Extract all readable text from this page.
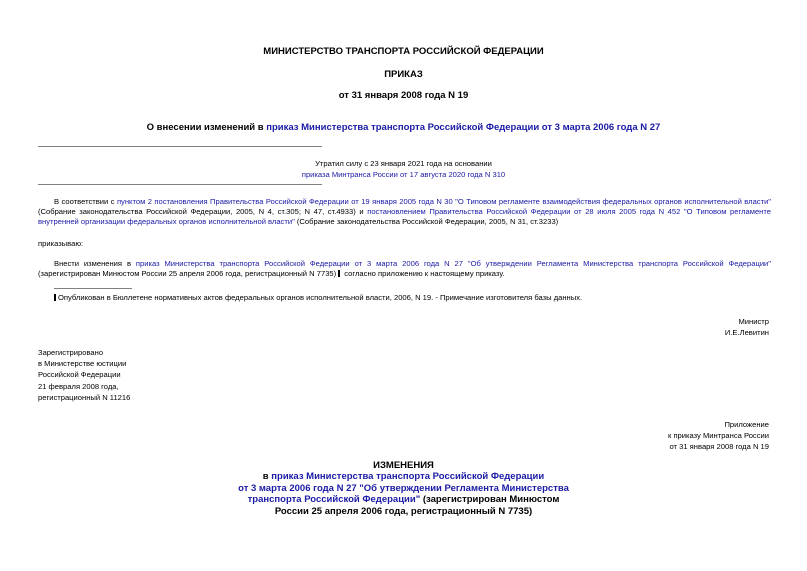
МИНИСТЕРСТВО ТРАНСПОРТА РОССИЙСКОЙ ФЕДЕРАЦИИ
ПРИКАЗ
от 31 января 2008 года N 19
О внесении изменений в приказ Министерства транспорта Российской Федерации от 3 марта 2006 года N 27
Утратил силу с 23 января 2021 года на основании
приказа Минтранса России от 17 августа 2020 года N 310
В соответствии с пунктом 2 постановления Правительства Российской Федерации от 19 января 2005 года N 30 "О Типовом регламенте взаимодействия федеральных органов исполнительной власти" (Собрание законодательства Российской Федерации, 2005, N 4, ст.305; N 47, ст.4933) и постановлением Правительства Российской Федерации от 28 июля 2005 года N 452 "О Типовом регламенте внутренней организации федеральных органов исполнительной власти" (Собрание законодательства Российской Федерации, 2005, N 31, ст.3233)
приказываю:
Внести изменения в приказ Министерства транспорта Российской Федерации от 3 марта 2006 года N 27 "Об утверждении Регламента Министерства транспорта Российской Федерации" (зарегистрирован Минюстом России 25 апреля 2006 года, регистрационный N 7735) согласно приложению к настоящему приказу.
Опубликован в Бюллетене нормативных актов федеральных органов исполнительной власти, 2006, N 19. - Примечание изготовителя базы данных.
Министр
И.Е.Левитин
Зарегистрировано
в Министерстве юстиции
Российской Федерации
21 февраля 2008 года,
регистрационный N 11216
Приложение
к приказу Минтранса России
от 31 января 2008 года N 19
ИЗМЕНЕНИЯ
в приказ Министерства транспорта Российской Федерации
от 3 марта 2006 года N 27 "Об утверждении Регламента Министерства
транспорта Российской Федерации" (зарегистрирован Минюстом
России 25 апреля 2006 года, регистрационный N 7735)
